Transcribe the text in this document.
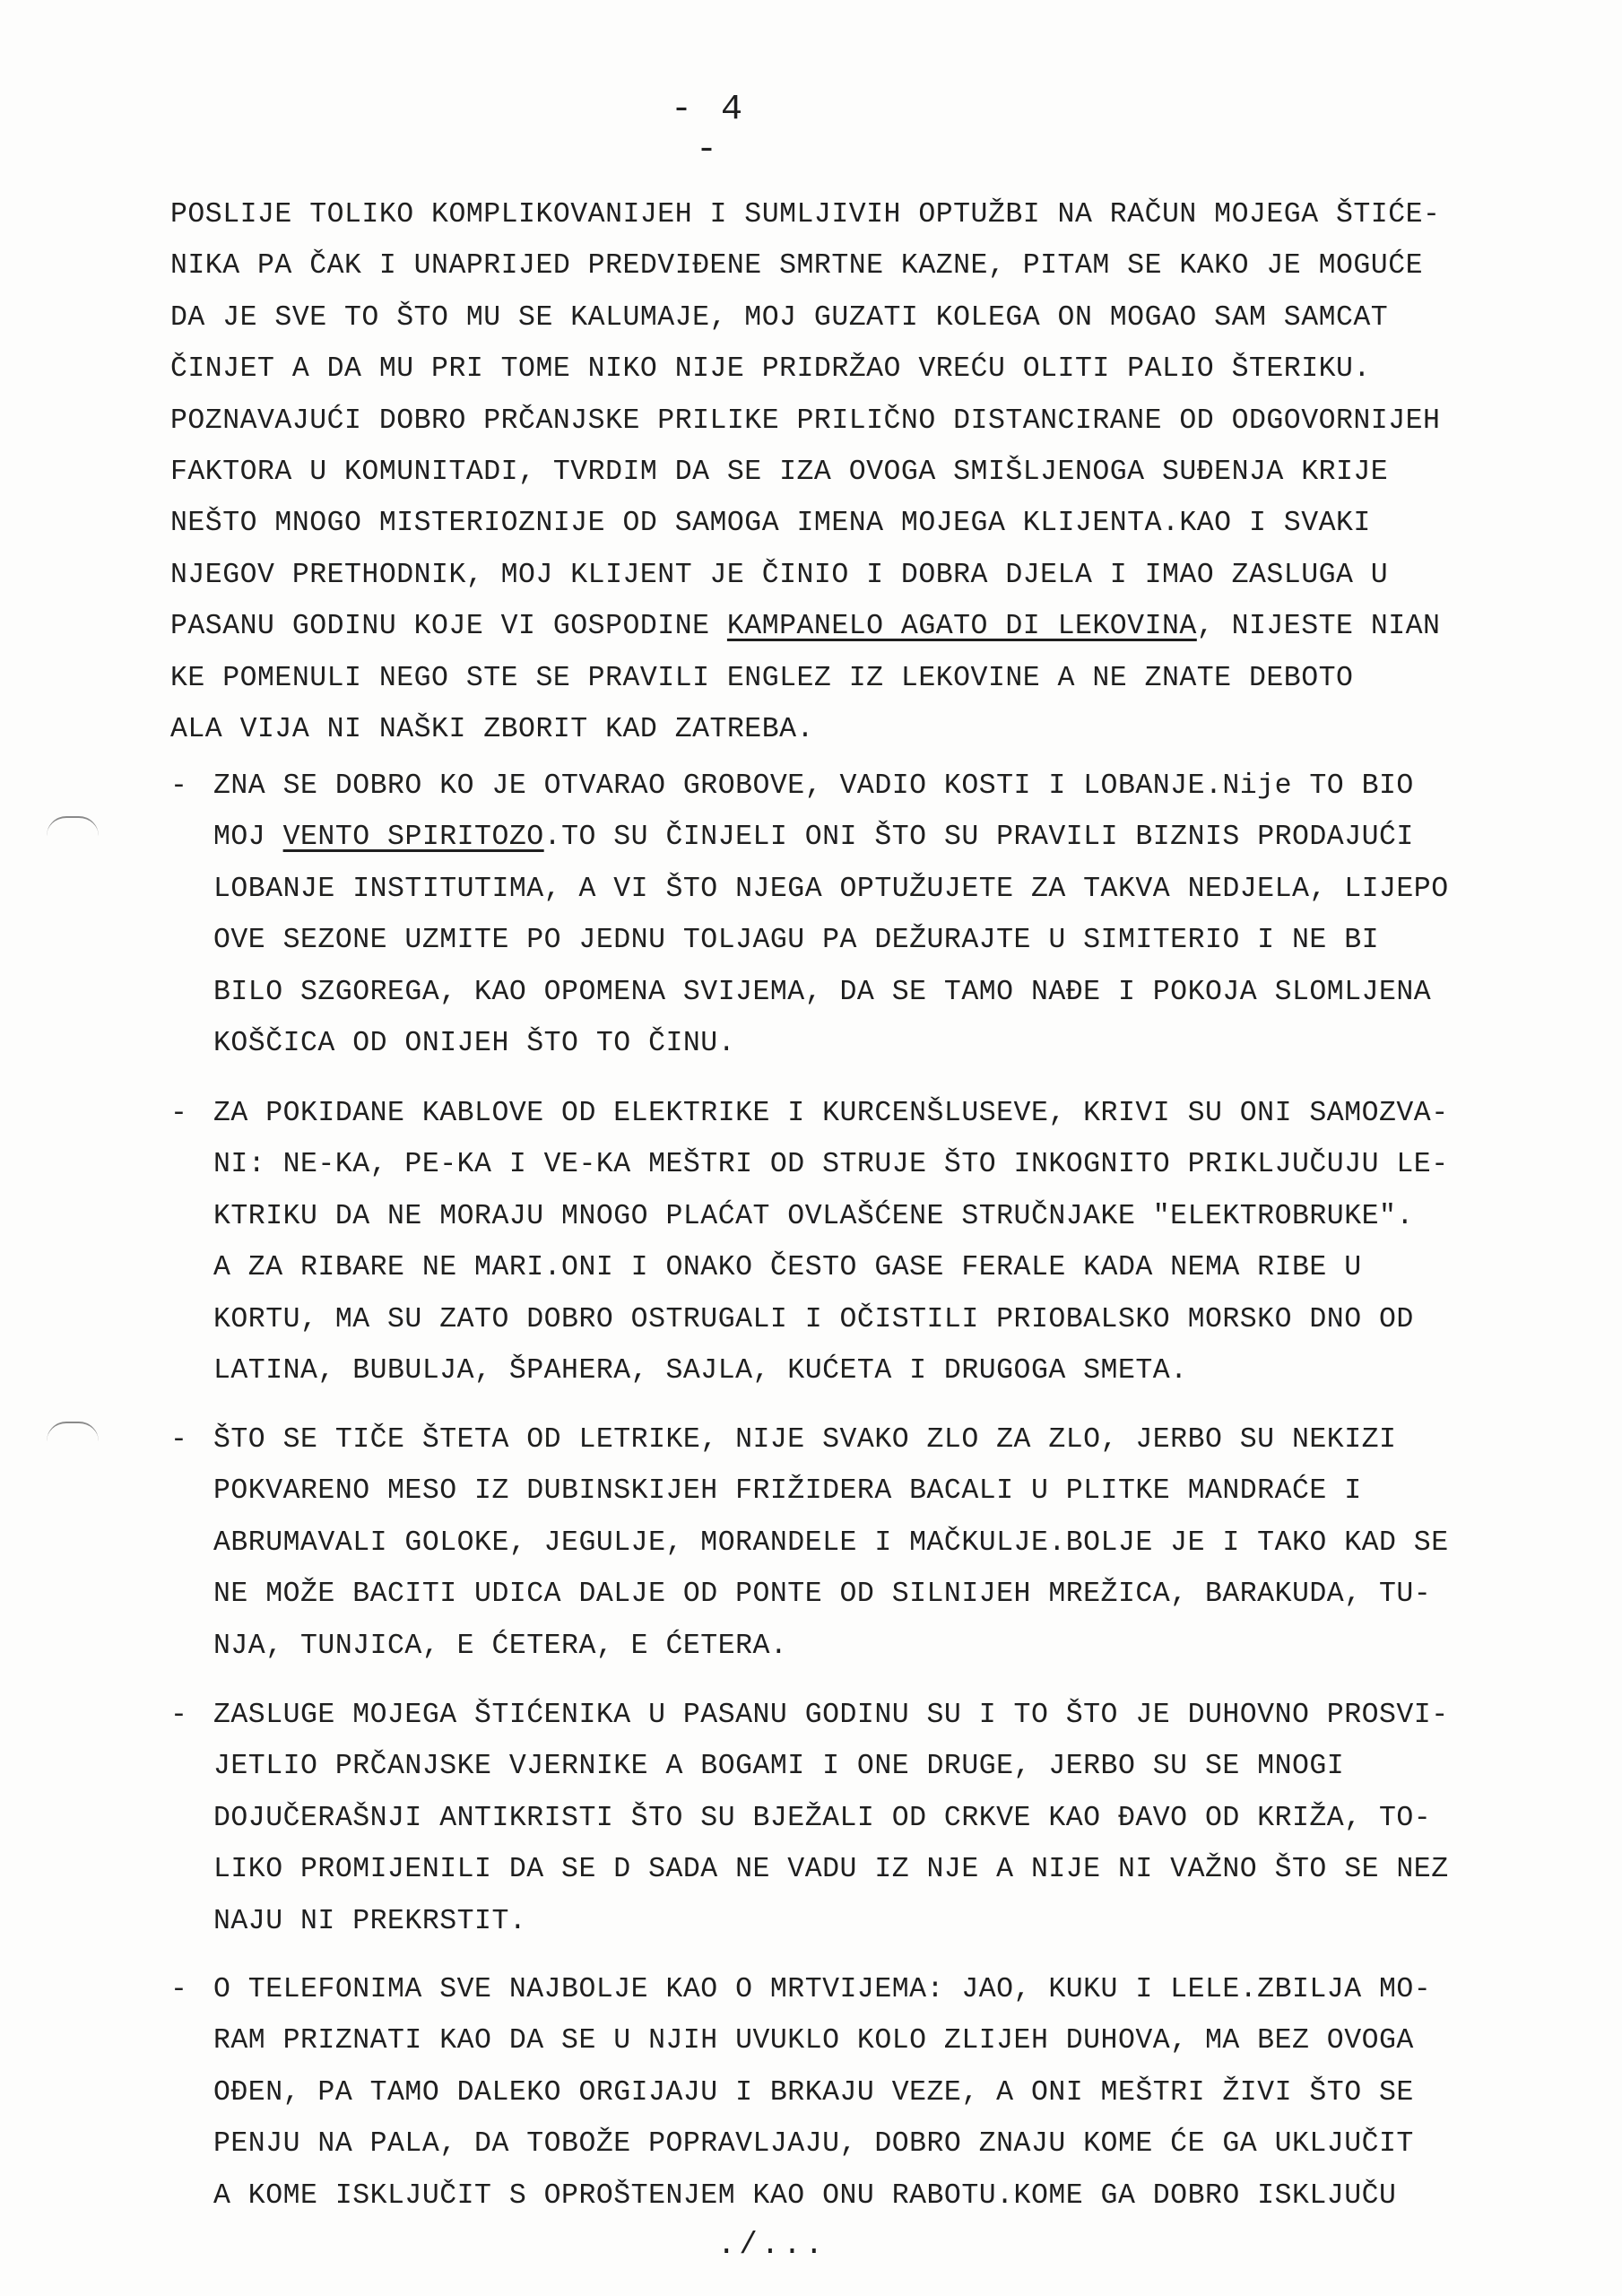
- 4 -
POSLIJE TOLIKO KOMPLIKOVANIJEH I SUMLJIVIH OPTUŽBI NA RAČUN MOJEGA ŠTIĆE-
NIKA PA ČAK I UNAPRIJED PREDVIĐENE SMRTNE KAZNE, PITAM SE KAKO JE MOGUĆE
DA JE SVE TO ŠTO MU SE KALUMAJE, MOJ GUZATI KOLEGA ON MOGAO SAM SAMCAT
ČINJET A DA MU PRI TOME NIKO NIJE PRIDRŽAO VREĆU OLITI PALIO ŠTERIKU.
POZNAVAJUĆI DOBRO PRČANJSKE PRILIKE PRILIČNO DISTANCIRANE OD ODGOVORNIJEH
FAKTORA U KOMUNITADI, TVRDIM DA SE IZA OVOGA SMIŠLJENOGA SUĐENJA KRIJE
NEŠTO MNOGO MISTERIOZNIJE OD SAMOGA IMENA MOJEGA KLIJENTA.KAO I SVAKI
NJEGOV PRETHODNIK, MOJ KLIJENT JE ČINIO I DOBRA DJELA I IMAO ZASLUGA U
PASANU GODINU KOJE VI GOSPODINE KAMPANELO AGATO DI LEKOVINA, NIJESTE NIAN
KE POMENULI NEGO STE SE PRAVILI ENGLEZ IZ LEKOVINE A NE ZNATE DEBOTO
ALA VIJA NI NAŠKI ZBORIT KAD ZATREBA.
- ZNA SE DOBRO KO JE OTVARAO GROBOVE, VADIO KOSTI I LOBANJE.Nije TO BIO
MOJ VENTO SPIRITOZO.TO SU ČINJELI ONI ŠTO SU PRAVILI BIZNIS PRODAJUĆI
LOBANJE INSTITUTIMA, A VI ŠTO NJEGA OPTUŽUJETE ZA TAKVA NEDJELA, LIJEPO
OVE SEZONE UZMITE PO JEDNU TOLJAGU PA DEŽURAJTE U SIMITERIO I NE BI
BILO SZGOREGA, KAO OPOMENA SVIJEMA, DA SE TAMO NAĐE I POKOJA SLOMLJENA
KOŠČICA OD ONIJEH ŠTO TO ČINU.
- ZA POKIDANE KABLOVE OD ELEKTRIKE I KURCENŠLUSEVE, KRIVI SU ONI SAMOZVA-
NI: NE-KA, PE-KA I VE-KA MEŠTRI OD STRUJE ŠTO INKOGNITO PRIKLJUČUJU LE-
KTRIKU DA NE MORAJU MNOGO PLAĆAT OVLAŠĆENE STRUČNJAKE "ELEKTROBRUKE".
A ZA RIBARE NE MARI.ONI I ONAKO ČESTO GASE FERALE KADA NEMA RIBE U
KORTU, MA SU ZATO DOBRO OSTRUGALI I OČISTILI PRIOBALSKO MORSKO DNO OD
LATINA, BUBULJA, ŠPAHERA, SAJLA, KUĆETA I DRUGOGA SMETA.
- ŠTO SE TIČE ŠTETA OD LETRIKE, NIJE SVAKO ZLO ZA ZLO, JERBO SU NEKIZI
POKVARENO MESO IZ DUBINSKIJEH FRIŽIDERA BACALI U PLITKE MANDRAĆE I
ABRUMAVALI GOLOKE, JEGULJE, MORANDELE I MAČKULJE.BOLJE JE I TAKO KAD SE
NE MOŽE BACITI UDICA DALJE OD PONTE OD SILNIJEH MREŽICA, BARAKUDA, TU-
NJA, TUNJICA, E ĆETERA, E ĆETERA.
- ZASLUGE MOJEGA ŠTIĆENIKA U PASANU GODINU SU I TO ŠTO JE DUHOVNO PROSVI-
JETLIO PRČANJSKE VJERNIKE A BOGAMI I ONE DRUGE, JERBO SU SE MNOGI
DOJUČERAŠNJI ANTIKRISTI ŠTO SU BJEŽALI OD CRKVE KAO ĐAVO OD KRIŽA, TO-
LIKO PROMIJENILI DA SE D SADA NE VADU IZ NJE A NIJE NI VAŽNO ŠTO SE NEZ
NAJU NI PREKRSTIT.
- O TELEFONIMA SVE NAJBOLJE KAO O MRTVIJEMA: JAO, KUKU I LELE.ZBILJA MO-
RAM PRIZNATI KAO DA SE U NJIH UVUKLO KOLO ZLIJEH DUHOVA, MA BEZ OVOGA
OĐEN, PA TAMO DALEKO ORGIJAJU I BRKAJU VEZE, A ONI MEŠTRI ŽIVI ŠTO SE
PENJU NA PALA, DA TOBOŽE POPRAVLJAJU, DOBRO ZNAJU KOME ĆE GA UKLJUČIT
A KOME ISKLJUČIT S OPROŠTENJEM KAO ONU RABOTU.KOME GA DOBRO ISKLJUČU
./...
